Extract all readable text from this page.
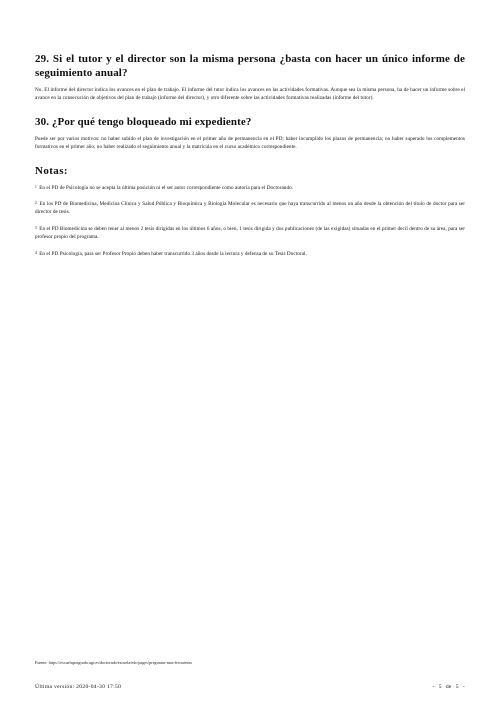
29. Si el tutor y el director son la misma persona ¿basta con hacer un único informe de seguimiento anual?
No. El informe del director indica los avances en el plan de trabajo. El informe del tutor indica los avances en las actividades formativas. Aunque sea la misma persona, ha de hacer un informe sobre el avance en la consecución de objetivos del plan de trabajo (informe del director), y otro diferente sobre las actividades formativas realizadas (informe del tutor).
30. ¿Por qué tengo bloqueado mi expediente?
Puede ser por varios motivos: no haber subido el plan de investigación en el primer año de permanencia en el PD; haber incumplido los plazos de permanencia; no haber superado los complementos formativos en el primer año; no haber realizado el seguimiento anual y la matrícula en el curso académico correspondiente.
Notas:
$^1$ En el PD de Psicología no se acepta la última posición ni el ser autor correspondiente como autoría para el Doctorando.
$^2$ En los PD de Biomedicina, Medicina Clínica y Salud Pública y Bioquímica y Biología Molecular es necesario que haya transcurrido al menos un año desde la obtención del título de doctor para ser director de tesis.
$^3$ En el PD Biomedicina se deben tener al menos 2 tesis dirigidas en los últimos 6 años, o bien, 1 tesis dirigida y dos publicaciones (de las exigidas) situadas en el primer decil dentro de su área, para ser profesor propio del programa.
$^4$ En el PD Psicología, para ser Profesor Propio deben haber transcurrido 3 años desde la lectura y defensa de su Tesis Doctoral.
Fuente: https://escuelaposgrado.ugr.es/doctorado/escuela/edc/pages/preguntas-mas-frecuentes
Última versión: 2020-04-30 17:50	- 5 de 5 -
